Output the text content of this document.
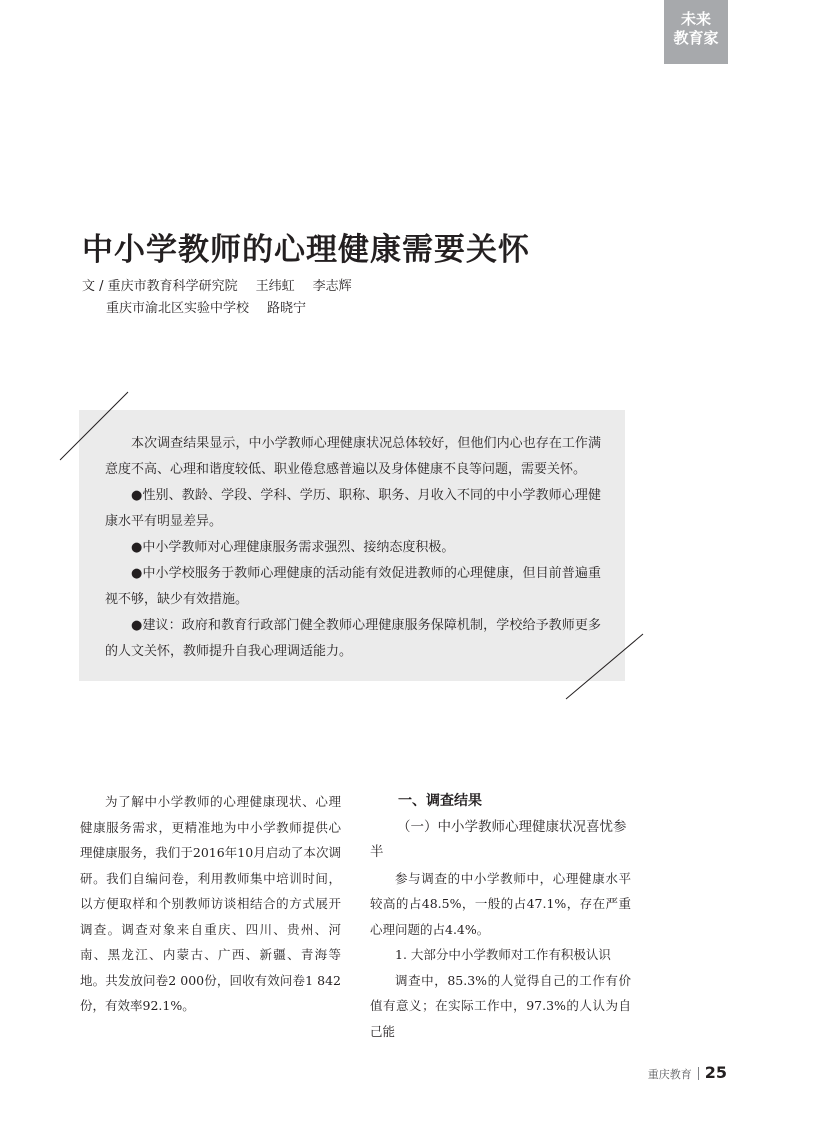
未来
教育家
中小学教师的心理健康需要关怀
文 / 重庆市教育科学研究院 王纬虹 李志辉
重庆市渝北区实验中学校 路晓宁

本次调查结果显示，中小学教师心理健康状况总体较好，但他们内心也存在工作满意度不高、心理和谐度较低、职业倦怠感普遍以及身体健康不良等问题，需要关怀。

●性别、教龄、学段、学科、学历、职称、职务、月收入不同的中小学教师心理健康水平有明显差异。

●中小学教师对心理健康服务需求强烈、接纳态度积极。

●中小学校服务于教师心理健康的活动能有效促进教师的心理健康，但目前普遍重视不够，缺少有效措施。

●建议：政府和教育行政部门健全教师心理健康服务保障机制，学校给予教师更多的人文关怀，教师提升自我心理调适能力。

为了解中小学教师的心理健康现状、心理健康服务需求，更精准地为中小学教师提供心理健康服务，我们于2016年10月启动了本次调研。我们自编问卷，利用教师集中培训时间，以方便取样和个别教师访谈相结合的方式展开调查。调查对象来自重庆、四川、贵州、河南、黑龙江、内蒙古、广西、新疆、青海等地。共发放问卷2 000份，回收有效问卷1 842 份，有效率92.1%。

一、调查结果
（一）中小学教师心理健康状况喜忧参半

参与调查的中小学教师中，心理健康水平较高的占48.5%，一般的占47.1%，存在严重心理问题的占4.4%。

1. 大部分中小学教师对工作有积极认识

调查中，85.3%的人觉得自己的工作有价值有意义；在实际工作中，97.3%的人认为自己能

重庆教育 25
